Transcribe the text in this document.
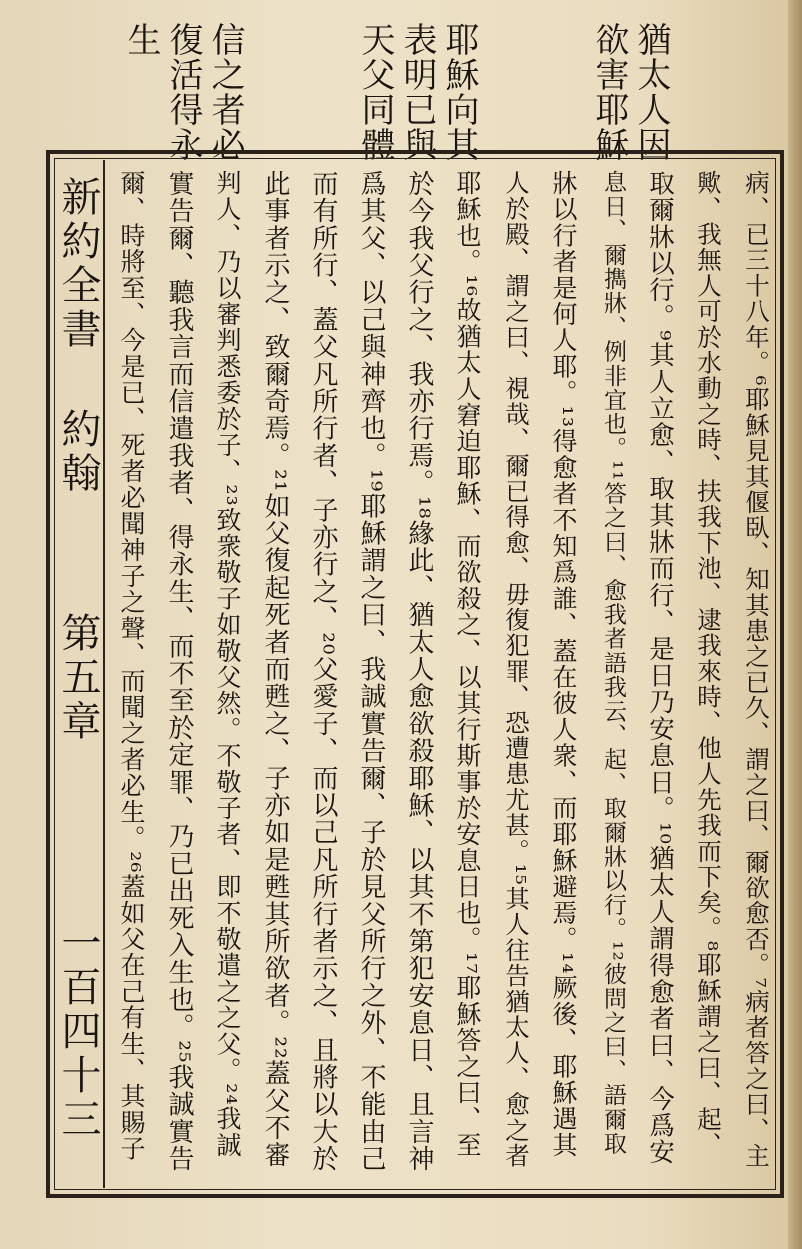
猶太人因
欲害耶穌
耶穌向其
表明已與
天父同體
信之者必
復活得永
生
新約全書
約翰
第五章
一百四十三	病、已三十八年。⁶耶穌見其偃臥、知其患之已久、謂之曰、爾欲愈否。⁷病者答之曰、主
歟、我無人可於水動之時、扶我下池、逮我來時、他人先我而下矣。⁸耶穌謂之曰、起、
取爾牀以行。⁹其人立愈、取其牀而行、是日乃安息日。¹⁰猶太人謂得愈者曰、今爲安
息日、爾擕牀、例非宜也。¹¹答之曰、愈我者語我云、起、取爾牀以行。¹²彼問之曰、語爾取
牀以行者是何人耶。¹³得愈者不知爲誰、蓋在彼人衆、而耶穌避焉。¹⁴厥後、耶穌遇其
人於殿、謂之曰、視哉、爾已得愈、毋復犯罪、恐遭患尤甚。¹⁵其人往告猶太人、愈之者
耶穌也。¹⁶故猶太人窘迫耶穌、而欲殺之、以其行斯事於安息日也。¹⁷耶穌答之曰、至
於今我父行之、我亦行焉。¹⁸緣此、猶太人愈欲殺耶穌、以其不第犯安息日、且言神
爲其父、以己與神齊也。¹⁹耶穌謂之曰、我誠實告爾、子於見父所行之外、不能由己
而有所行、蓋父凡所行者、子亦行之、²⁰父愛子、而以己凡所行者示之、且將以大於
此事者示之、致爾奇焉。²¹如父復起死者而甦之、子亦如是甦其所欲者。²²蓋父不審
判人、乃以審判悉委於子、²³致衆敬子如敬父然。不敬子者、即不敬遣之之父。²⁴我誠
實告爾、聽我言而信遣我者、得永生、而不至於定罪、乃已出死入生也。²⁵我誠實告
爾、時將至、今是已、死者必聞神子之聲、而聞之者必生。²⁶蓋如父在己有生、其賜子
